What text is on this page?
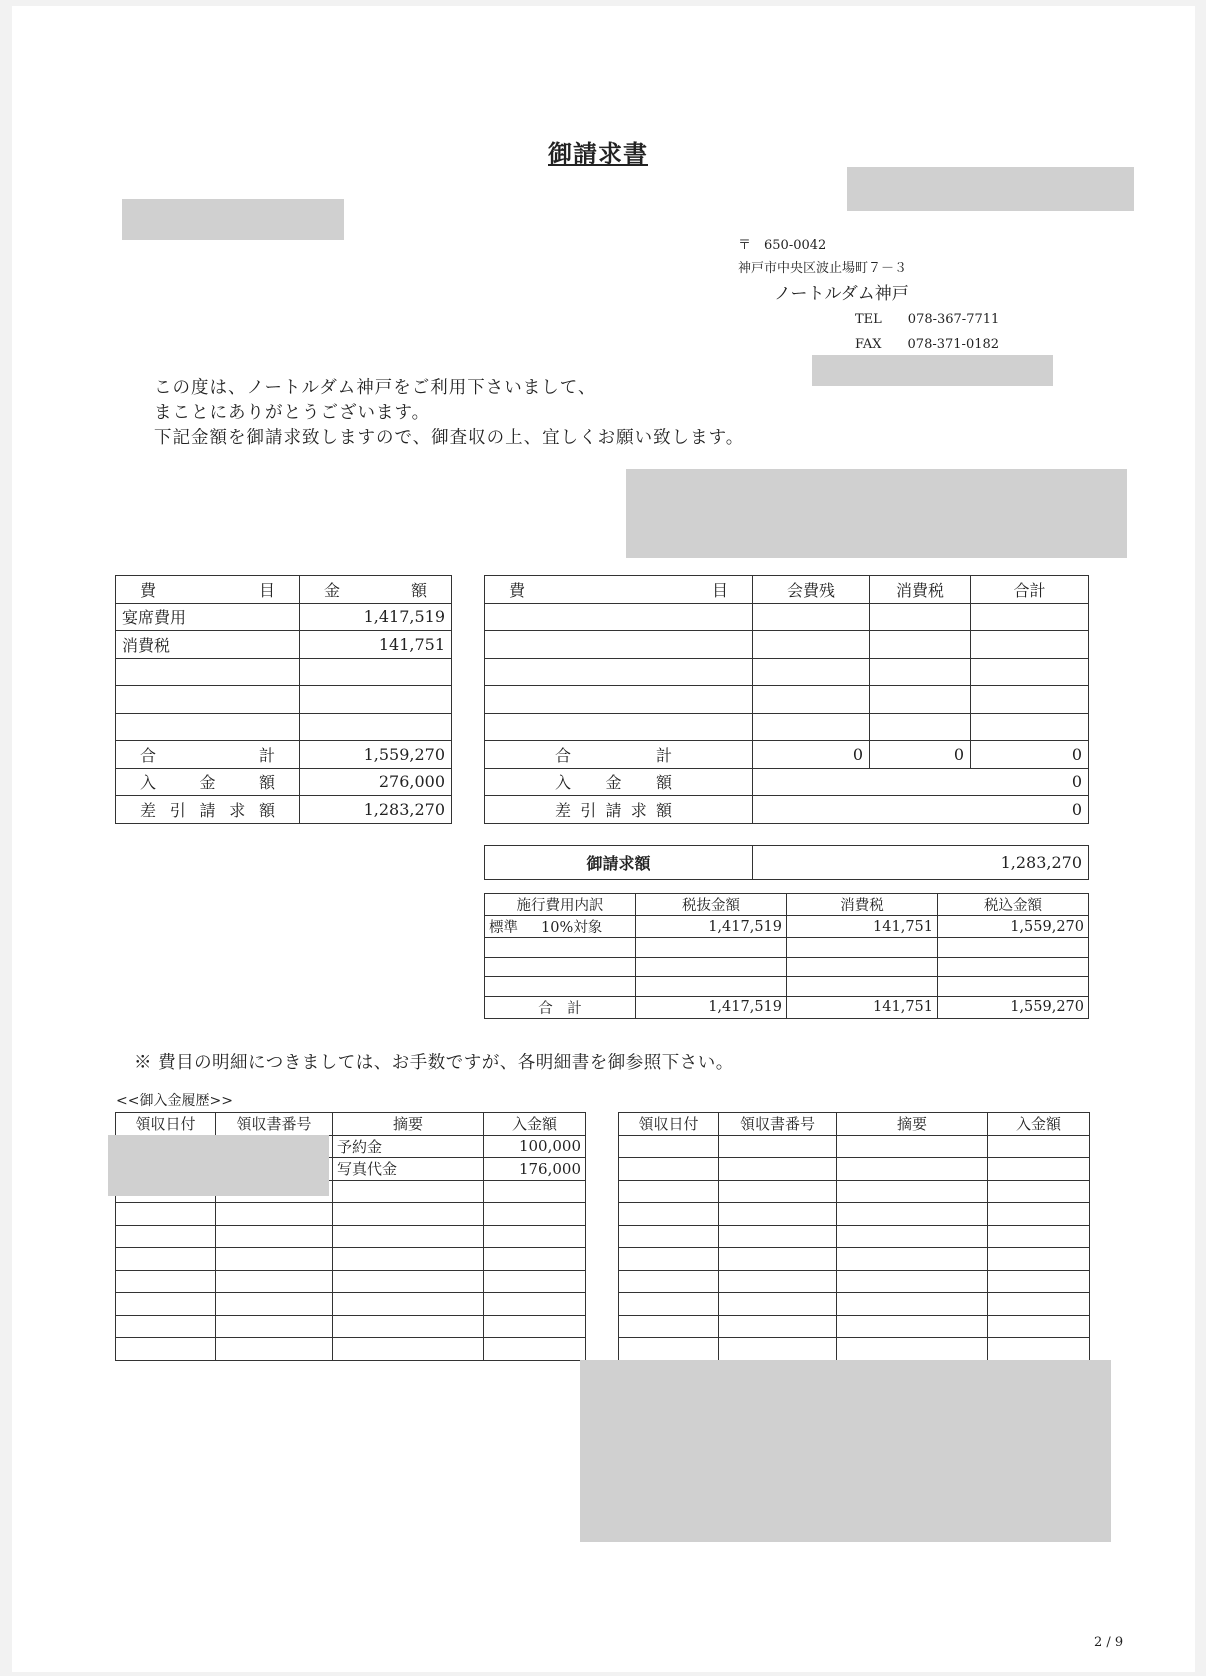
御請求書
〒　650-0042
神戸市中央区波止場町７－３
ノートルダム神戸
TEL　　078-367-7711
FAX　　078-371-0182
この度は、ノートルダム神戸をご利用下さいまして、
まことにありがとうございます。
下記金額を御請求致しますので、御査収の上、宜しくお願い致します。
費　目	金　額
宴席費用	1,417,519
消費税	141,751

合計	1,559,270
入金額	276,000
差引請求額	1,283,270
費　目	会費残	消費税	合計

合計	0	0	0
入金額	0		
差引請求額	0		
御請求額	1,283,270
施行費用内訳	税抜金額	消費税	税込金額
標準 10%対象	1,417,519	141,751	1,559,270

合　計	1,417,519	141,751	1,559,270
※ 費目の明細につきましては、お手数ですが、各明細書を御参照下さい。
<<御入金履歴>>
領収日付	領収書番号	摘要	入金額
		予約金	100,000
		写真代金	176,000

領収日付	領収書番号	摘要	入金額

2 / 9
